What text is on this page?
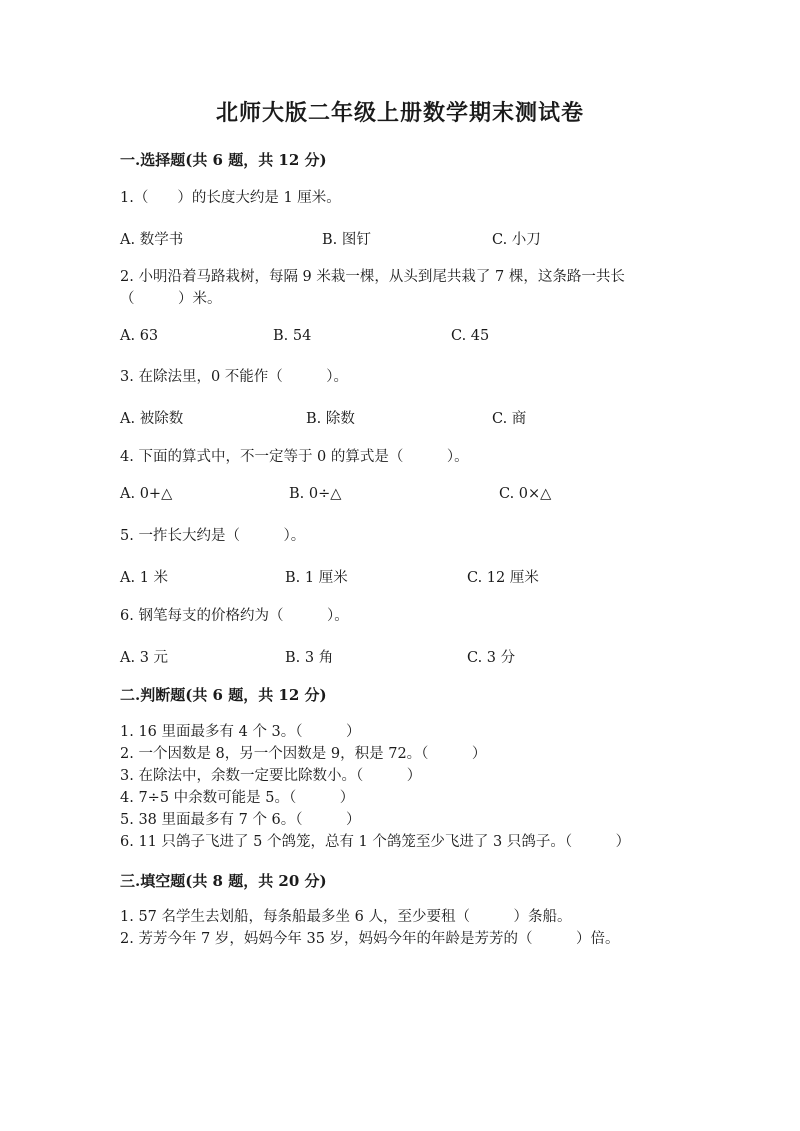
北师大版二年级上册数学期末测试卷
一.选择题(共 6 题，共 12 分)
1.（　　）的长度大约是 1 厘米。
A. 数学书	B. 图钉	C. 小刀
2. 小明沿着马路栽树，每隔 9 米栽一棵，从头到尾共栽了 7 棵，这条路一共长（　　　）米。
A. 63	B. 54	C. 45
3. 在除法里，0 不能作（　　　）。
A. 被除数	B. 除数	C. 商
4. 下面的算式中，不一定等于 0 的算式是（　　　）。
A. 0+△	B. 0÷△	C. 0×△
5. 一拃长大约是（　　　）。
A. 1 米	B. 1 厘米	C. 12 厘米
6. 钢笔每支的价格约为（　　　）。
A. 3 元	B. 3 角	C. 3 分
二.判断题(共 6 题，共 12 分)
1. 16 里面最多有 4 个 3。（　　　）
2. 一个因数是 8，另一个因数是 9，积是 72。（　　　）
3. 在除法中，余数一定要比除数小。（　　　）
4. 7÷5 中余数可能是 5。（　　　）
5. 38 里面最多有 7 个 6。（　　　）
6. 11 只鸽子飞进了 5 个鸽笼，总有 1 个鸽笼至少飞进了 3 只鸽子。（　　　）
三.填空题(共 8 题，共 20 分)
1. 57 名学生去划船，每条船最多坐 6 人，至少要租（　　　）条船。
2. 芳芳今年 7 岁，妈妈今年 35 岁，妈妈今年的年龄是芳芳的（　　　）倍。
